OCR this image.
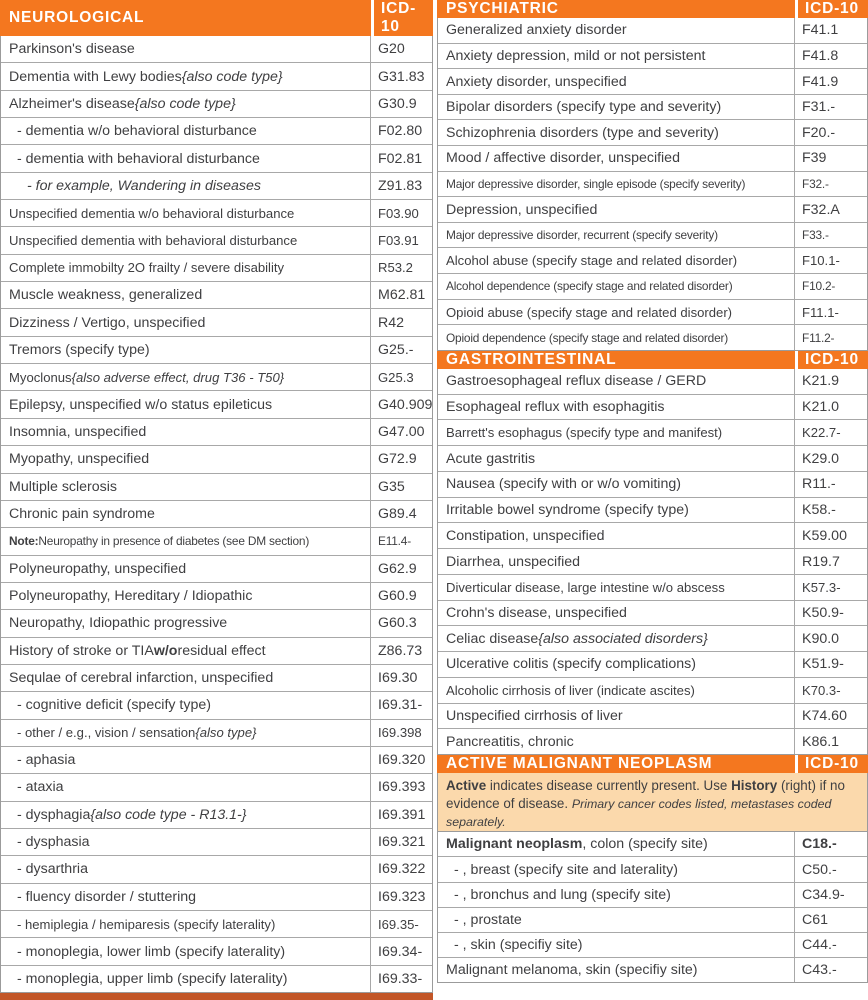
NEUROLOGICAL
ICD-10
Parkinson's disease	G20
Dementia with Lewy bodies {also code type}	G31.83
Alzheimer's disease {also code type}	G30.9
- dementia w/o behavioral disturbance	F02.80
- dementia with behavioral disturbance	F02.81
- for example, Wandering in diseases	Z91.83
Unspecified dementia w/o behavioral disturbance	F03.90
Unspecified dementia with behavioral disturbance	F03.91
Complete immobilty 2O frailty / severe disability	R53.2
Muscle weakness, generalized	M62.81
Dizziness / Vertigo, unspecified	R42
Tremors (specify type)	G25.-
Myoclonus {also adverse effect, drug T36 - T50}	G25.3
Epilepsy, unspecified w/o status epileticus	G40.909
Insomnia, unspecified	G47.00
Myopathy, unspecified	G72.9
Multiple sclerosis	G35
Chronic pain syndrome	G89.4
Note: Neuropathy in presence of diabetes (see DM section)	E11.4-
Polyneuropathy, unspecified	G62.9
Polyneuropathy, Hereditary / Idiopathic	G60.9
Neuropathy, Idiopathic progressive	G60.3
History of stroke or TIA w/o residual effect	Z86.73
Sequlae of cerebral infarction, unspecified	I69.30
- cognitive deficit (specify type)	I69.31-
- other / e.g., vision / sensation {also type}	I69.398
- aphasia	I69.320
- ataxia	I69.393
- dysphagia {also code type - R13.1-}	I69.391
- dysphasia	I69.321
- dysarthria	I69.322
- fluency disorder / stuttering	I69.323
- hemiplegia / hemiparesis (specify laterality)	I69.35-
- monoplegia, lower limb (specify laterality)	I69.34-
- monoplegia, upper limb (specify laterality)	I69.33-
PSYCHIATRIC	ICD-10
Generalized anxiety disorder	F41.1
Anxiety depression, mild or not persistent	F41.8
Anxiety disorder, unspecified	F41.9
Bipolar disorders (specify type and severity)	F31.-
Schizophrenia disorders (type and severity)	F20.-
Mood / affective disorder, unspecified	F39
Major depressive disorder, single episode (specify severity)	F32.-
Depression, unspecified	F32.A
Major depressive disorder, recurrent (specify severity)	F33.-
Alcohol abuse (specify stage and related disorder)	F10.1-
Alcohol dependence (specify stage and related disorder)	F10.2-
Opioid abuse (specify stage and related disorder)	F11.1-
Opioid dependence (specify stage and related disorder)	F11.2-
GASTROINTESTINAL	ICD-10
Gastroesophageal reflux disease / GERD	K21.9
Esophageal reflux with esophagitis	K21.0
Barrett's esophagus (specify type and manifest)	K22.7-
Acute gastritis	K29.0
Nausea (specify with or w/o vomiting)	R11.-
Irritable bowel syndrome (specify type)	K58.-
Constipation, unspecified	K59.00
Diarrhea, unspecified	R19.7
Diverticular disease, large intestine w/o abscess	K57.3-
Crohn's disease, unspecified	K50.9-
Celiac disease {also associated disorders}	K90.0
Ulcerative colitis (specify complications)	K51.9-
Alcoholic cirrhosis of liver (indicate ascites)	K70.3-
Unspecified cirrhosis of liver	K74.60
Pancreatitis, chronic	K86.1
ACTIVE MALIGNANT NEOPLASM	ICD-10
Active indicates disease currently present. Use History (right) if no evidence of disease. Primary cancer codes listed, metastases coded separately.
Malignant neoplasm , colon (specify site)	C18.-
- , breast (specify site and laterality)	C50.-
- , bronchus and lung (specify site)	C34.9-
- , prostate	C61
- , skin (specifiy site)	C44.-
Malignant melanoma, skin (specifiy site)	C43.-
